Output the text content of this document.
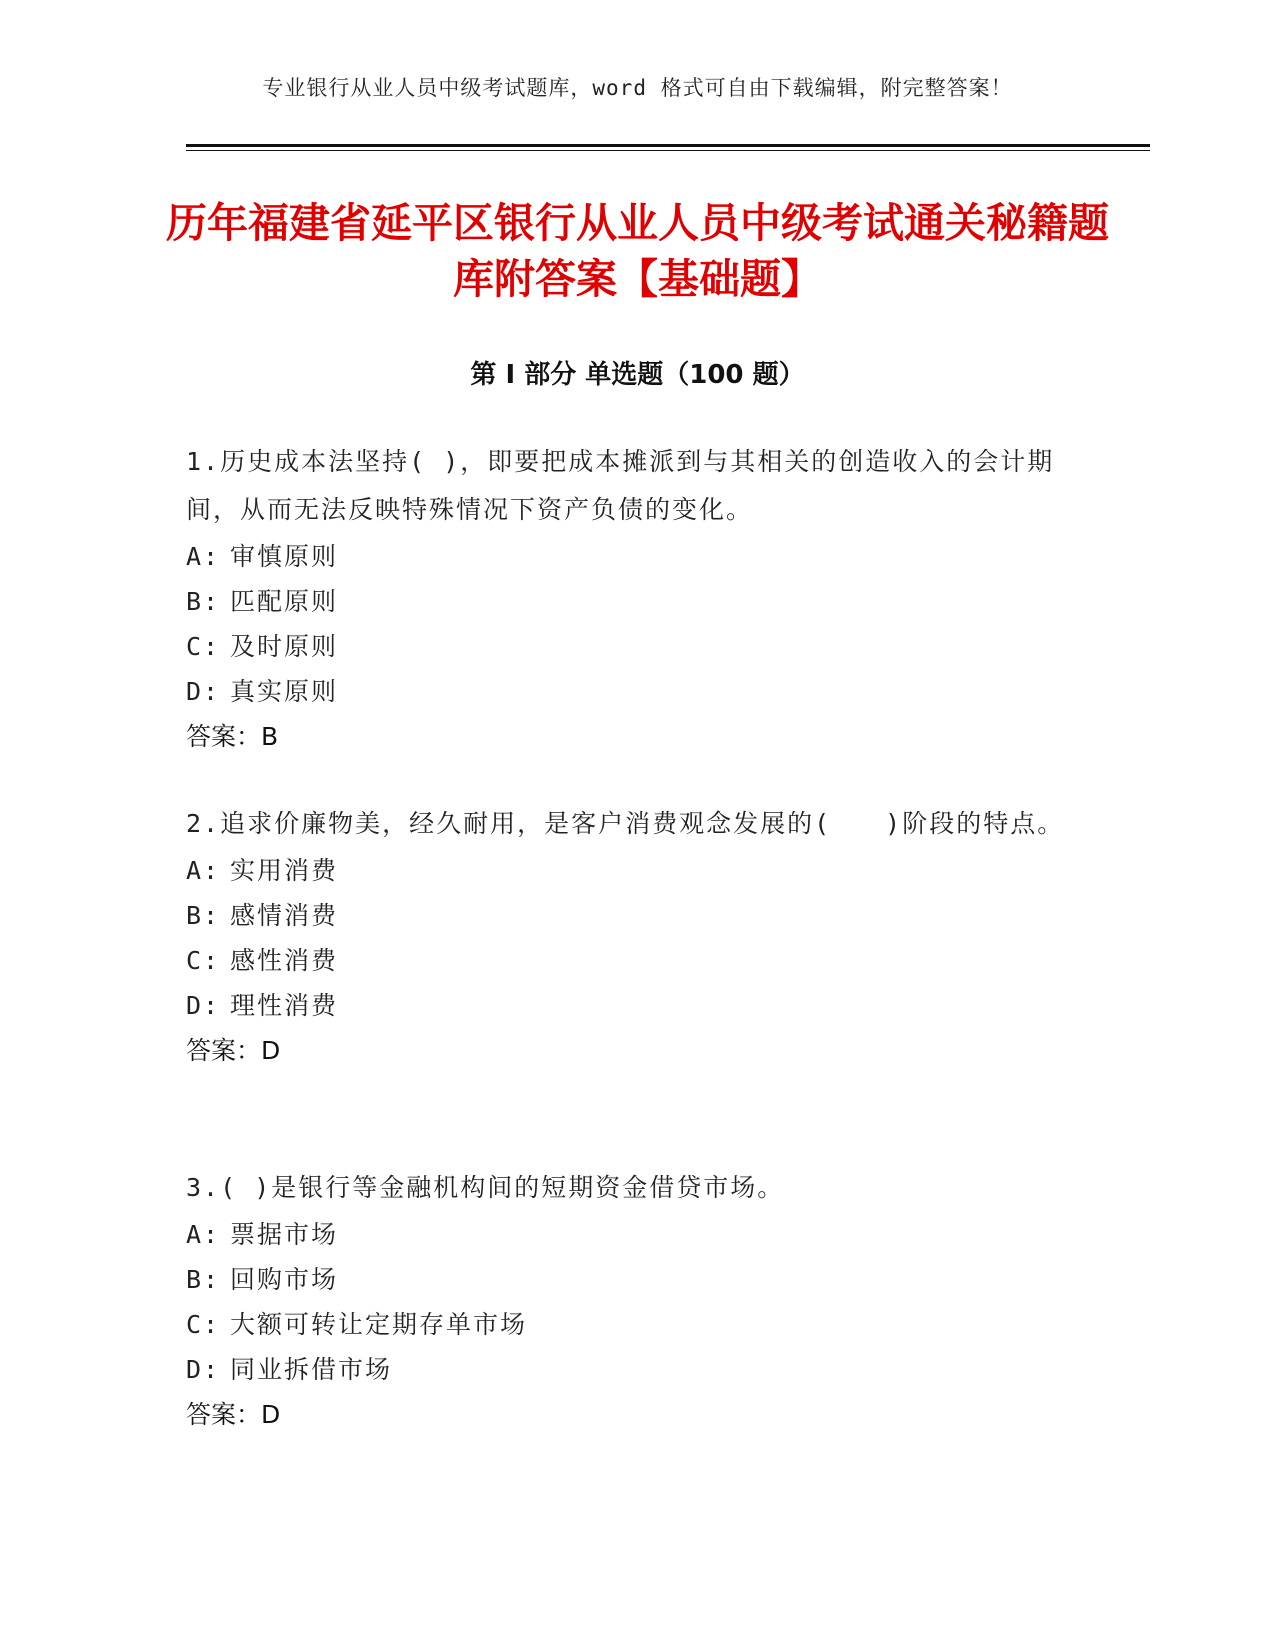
专业银行从业人员中级考试题库，word 格式可自由下载编辑，附完整答案！
历年福建省延平区银行从业人员中级考试通关秘籍题库附答案【基础题】
第 I 部分 单选题（100 题）
1.历史成本法坚持( )，即要把成本摊派到与其相关的创造收入的会计期间，从而无法反映特殊情况下资产负债的变化。
A: 审慎原则
B: 匹配原则
C: 及时原则
D: 真实原则
答案：B
2.追求价廉物美，经久耐用，是客户消费观念发展的(　　)阶段的特点。
A: 实用消费
B: 感情消费
C: 感性消费
D: 理性消费
答案：D
3.( )是银行等金融机构间的短期资金借贷市场。
A: 票据市场
B: 回购市场
C: 大额可转让定期存单市场
D: 同业拆借市场
答案：D
